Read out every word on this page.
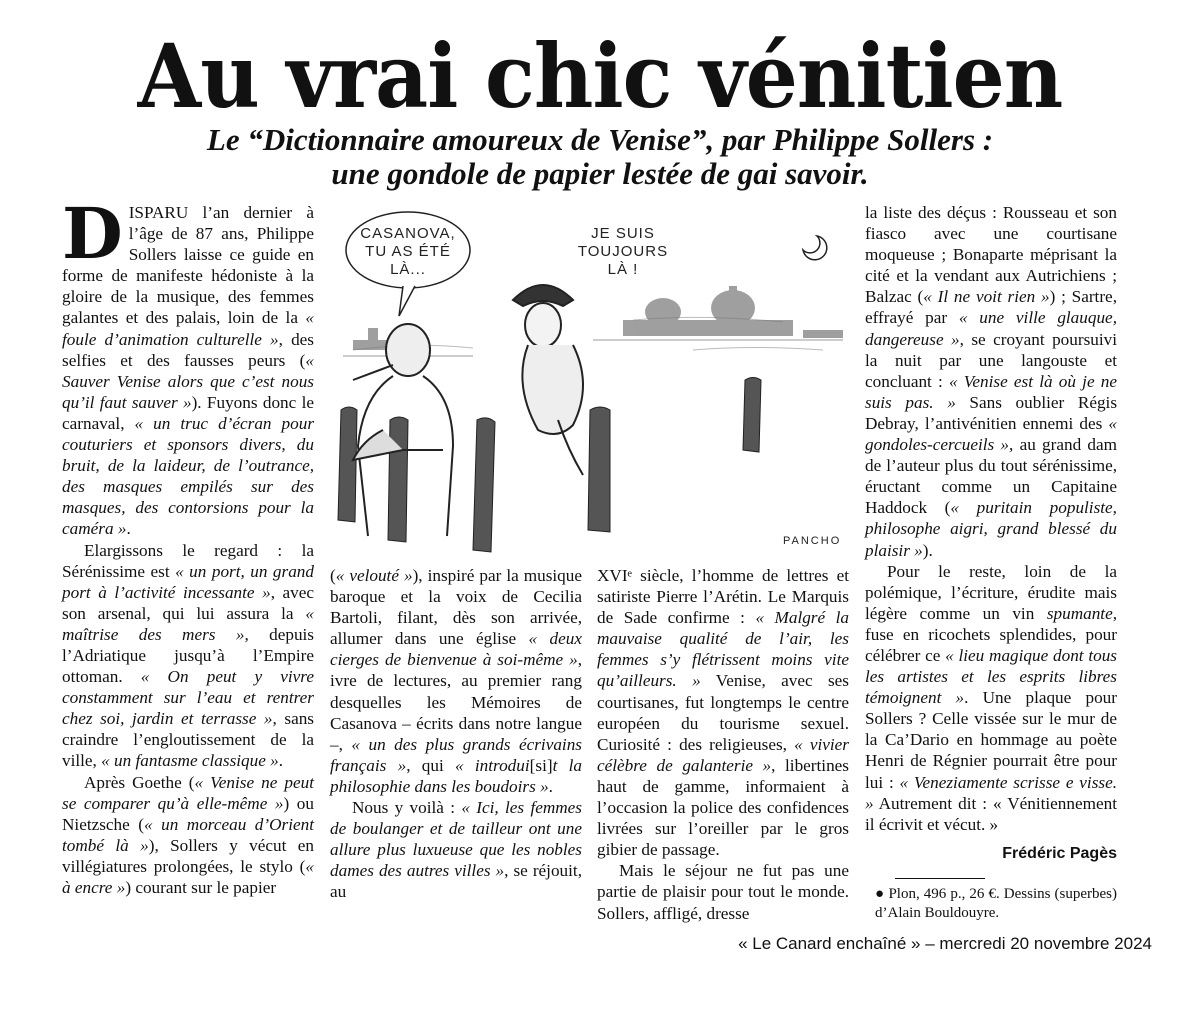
Au vrai chic vénitien
Le “Dictionnaire amoureux de Venise”, par Philippe Sollers :
une gondole de papier lestée de gai savoir.
D ISPARU l’an dernier à l’âge de 87 ans, Philippe Sollers laisse ce guide en forme de manifeste hédoniste à la gloire de la musique, des femmes galantes et des palais, loin de la « foule d’animation culturelle », des selfies et des fausses peurs (« Sauver Venise alors que c’est nous qu’il faut sauver »). Fuyons donc le carnaval, « un truc d’écran pour couturiers et sponsors divers, du bruit, de la laideur, de l’outrance, des masques empilés sur des masques, des contorsions pour la caméra ».

Elargissons le regard : la Sérénissime est « un port, un grand port à l’activité incessante », avec son arsenal, qui lui assura la « maîtrise des mers », depuis l’Adriatique jusqu’à l’Empire ottoman. « On peut y vivre constamment sur l’eau et rentrer chez soi, jardin et terrasse », sans craindre l’engloutissement de la ville, « un fantasme classique ».

Après Goethe (« Venise ne peut se comparer qu’à elle-même ») ou Nietzsche (« un morceau d’Orient tombé là »), Sollers y vécut en villégiatures prolongées, le stylo (« à encre ») courant sur le papier

CASANOVA,
TU AS ÉTÉ
LÀ...
JE SUIS
TOUJOURS
LÀ !
PANCHO

(« velouté »), inspiré par la musique baroque et la voix de Cecilia Bartoli, filant, dès son arrivée, allumer dans une église « deux cierges de bienvenue à soi-même », ivre de lectures, au premier rang desquelles les Mémoires de Casanova – écrits dans notre langue –, « un des plus grands écrivains français », qui « introdui[si]t la philosophie dans les boudoirs ».

Nous y voilà : « Ici, les femmes de boulanger et de tailleur ont une allure plus luxueuse que les nobles dames des autres villes », se réjouit, au

XVIᵉ siècle, l’homme de lettres et satiriste Pierre l’Arétin. Le Marquis de Sade confirme : « Malgré la mauvaise qualité de l’air, les femmes s’y flétrissent moins vite qu’ailleurs. » Venise, avec ses courtisanes, fut longtemps le centre européen du tourisme sexuel. Curiosité : des religieuses, « vivier célèbre de galanterie », libertines haut de gamme, informaient à l’occasion la police des confidences livrées sur l’oreiller par le gros gibier de passage.

Mais le séjour ne fut pas une partie de plaisir pour tout le monde. Sollers, affligé, dresse

la liste des déçus : Rousseau et son fiasco avec une courtisane moqueuse ; Bonaparte méprisant la cité et la vendant aux Autrichiens ; Balzac (« Il ne voit rien ») ; Sartre, effrayé par « une ville glauque, dangereuse », se croyant poursuivi la nuit par une langouste et concluant : « Venise est là où je ne suis pas. » Sans oublier Régis Debray, l’antivénitien ennemi des « gondoles-cercueils », au grand dam de l’auteur plus du tout sérénissime, éructant comme un Capitaine Haddock (« puritain populiste, philosophe aigri, grand blessé du plaisir »).

Pour le reste, loin de la polémique, l’écriture, érudite mais légère comme un vin spumante, fuse en ricochets splendides, pour célébrer ce « lieu magique dont tous les artistes et les esprits libres témoignent ». Une plaque pour Sollers ? Celle vissée sur le mur de la Ca’Dario en hommage au poète Henri de Régnier pourrait être pour lui : « Veneziamente scrisse e visse. » Autrement dit : « Vénitiennement il écrivit et vécut. »

Frédéric Pagès
● Plon, 496 p., 26 €. Dessins (superbes) d’Alain Bouldouyre.
« Le Canard enchaîné » – mercredi 20 novembre 2024
